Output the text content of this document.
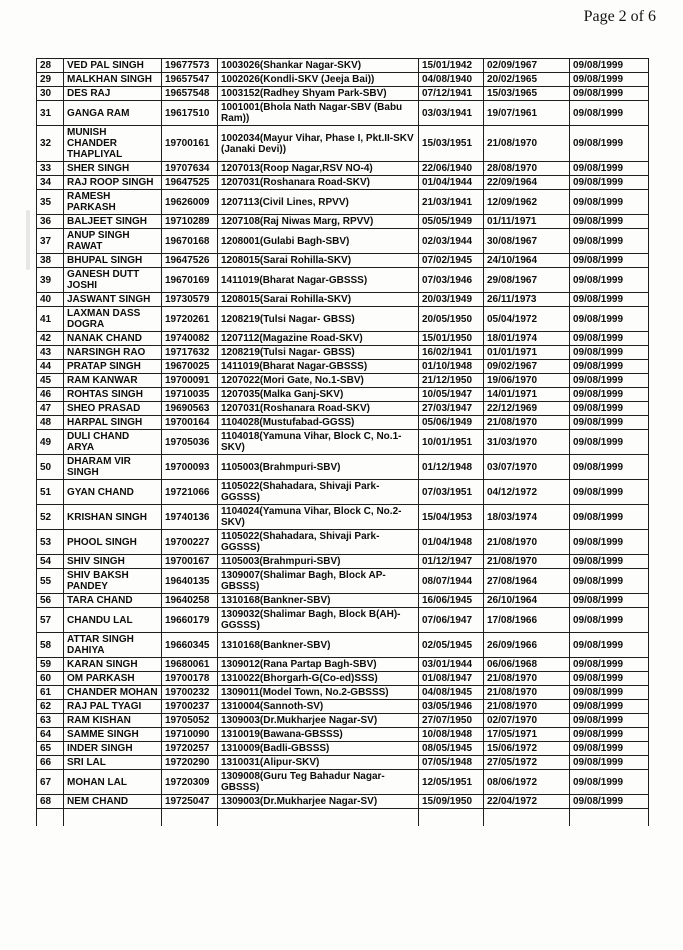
Page 2 of 6
28	VED PAL SINGH	19677573	1003026(Shankar Nagar-SKV)	15/01/1942	02/09/1967	09/08/1999
29	MALKHAN SINGH	19657547	1002026(Kondli-SKV (Jeeja Bai))	04/08/1940	20/02/1965	09/08/1999
30	DES RAJ	19657548	1003152(Radhey Shyam Park-SBV)	07/12/1941	15/03/1965	09/08/1999
31	GANGA RAM	19617510	1001001(Bhola Nath Nagar-SBV (Babu Ram))	03/03/1941	19/07/1961	09/08/1999
32	MUNISH CHANDER THAPLIYAL	19700161	1002034(Mayur Vihar, Phase I, Pkt.II-SKV (Janaki Devi))	15/03/1951	21/08/1970	09/08/1999
33	SHER SINGH	19707634	1207013(Roop Nagar,RSV NO-4)	22/06/1940	28/08/1970	09/08/1999
34	RAJ ROOP SINGH	19647525	1207031(Roshanara Road-SKV)	01/04/1944	22/09/1964	09/08/1999
35	RAMESH PARKASH	19626009	1207113(Civil Lines, RPVV)	21/03/1941	12/09/1962	09/08/1999
36	BALJEET SINGH	19710289	1207108(Raj Niwas Marg, RPVV)	05/05/1949	01/11/1971	09/08/1999
37	ANUP SINGH RAWAT	19670168	1208001(Gulabi Bagh-SBV)	02/03/1944	30/08/1967	09/08/1999
38	BHUPAL SINGH	19647526	1208015(Sarai Rohilla-SKV)	07/02/1945	24/10/1964	09/08/1999
39	GANESH DUTT JOSHI	19670169	1411019(Bharat Nagar-GBSSS)	07/03/1946	29/08/1967	09/08/1999
40	JASWANT SINGH	19730579	1208015(Sarai Rohilla-SKV)	20/03/1949	26/11/1973	09/08/1999
41	LAXMAN DASS DOGRA	19720261	1208219(Tulsi Nagar- GBSS)	20/05/1950	05/04/1972	09/08/1999
42	NANAK CHAND	19740082	1207112(Magazine Road-SKV)	15/01/1950	18/01/1974	09/08/1999
43	NARSINGH RAO	19717632	1208219(Tulsi Nagar- GBSS)	16/02/1941	01/01/1971	09/08/1999
44	PRATAP SINGH	19670025	1411019(Bharat Nagar-GBSSS)	01/10/1948	09/02/1967	09/08/1999
45	RAM KANWAR	19700091	1207022(Mori Gate, No.1-SBV)	21/12/1950	19/06/1970	09/08/1999
46	ROHTAS SINGH	19710035	1207035(Malka Ganj-SKV)	10/05/1947	14/01/1971	09/08/1999
47	SHEO PRASAD	19690563	1207031(Roshanara Road-SKV)	27/03/1947	22/12/1969	09/08/1999
48	HARPAL SINGH	19700164	1104028(Mustufabad-GGSS)	05/06/1949	21/08/1970	09/08/1999
49	DULI CHAND ARYA	19705036	1104018(Yamuna Vihar, Block C, No.1-SKV)	10/01/1951	31/03/1970	09/08/1999
50	DHARAM VIR SINGH	19700093	1105003(Brahmpuri-SBV)	01/12/1948	03/07/1970	09/08/1999
51	GYAN CHAND	19721066	1105022(Shahadara, Shivaji Park-GGSSS)	07/03/1951	04/12/1972	09/08/1999
52	KRISHAN SINGH	19740136	1104024(Yamuna Vihar, Block C, No.2-SKV)	15/04/1953	18/03/1974	09/08/1999
53	PHOOL SINGH	19700227	1105022(Shahadara, Shivaji Park-GGSSS)	01/04/1948	21/08/1970	09/08/1999
54	SHIV SINGH	19700167	1105003(Brahmpuri-SBV)	01/12/1947	21/08/1970	09/08/1999
55	SHIV BAKSH PANDEY	19640135	1309007(Shalimar Bagh, Block AP-GBSSS)	08/07/1944	27/08/1964	09/08/1999
56	TARA CHAND	19640258	1310168(Bankner-SBV)	16/06/1945	26/10/1964	09/08/1999
57	CHANDU LAL	19660179	1309032(Shalimar Bagh, Block B(AH)-GGSSS)	07/06/1947	17/08/1966	09/08/1999
58	ATTAR SINGH DAHIYA	19660345	1310168(Bankner-SBV)	02/05/1945	26/09/1966	09/08/1999
59	KARAN SINGH	19680061	1309012(Rana Partap Bagh-SBV)	03/01/1944	06/06/1968	09/08/1999
60	OM PARKASH	19700178	1310022(Bhorgarh-G(Co-ed)SSS)	01/08/1947	21/08/1970	09/08/1999
61	CHANDER MOHAN	19700232	1309011(Model Town, No.2-GBSSS)	04/08/1945	21/08/1970	09/08/1999
62	RAJ PAL TYAGI	19700237	1310004(Sannoth-SV)	03/05/1946	21/08/1970	09/08/1999
63	RAM KISHAN	19705052	1309003(Dr.Mukharjee Nagar-SV)	27/07/1950	02/07/1970	09/08/1999
64	SAMME SINGH	19710090	1310019(Bawana-GBSSS)	10/08/1948	17/05/1971	09/08/1999
65	INDER SINGH	19720257	1310009(Badli-GBSSS)	08/05/1945	15/06/1972	09/08/1999
66	SRI LAL	19720290	1310031(Alipur-SKV)	07/05/1948	27/05/1972	09/08/1999
67	MOHAN LAL	19720309	1309008(Guru Teg Bahadur Nagar-GBSSS)	12/05/1951	08/06/1972	09/08/1999
68	NEM CHAND	19725047	1309003(Dr.Mukharjee Nagar-SV)	15/09/1950	22/04/1972	09/08/1999
